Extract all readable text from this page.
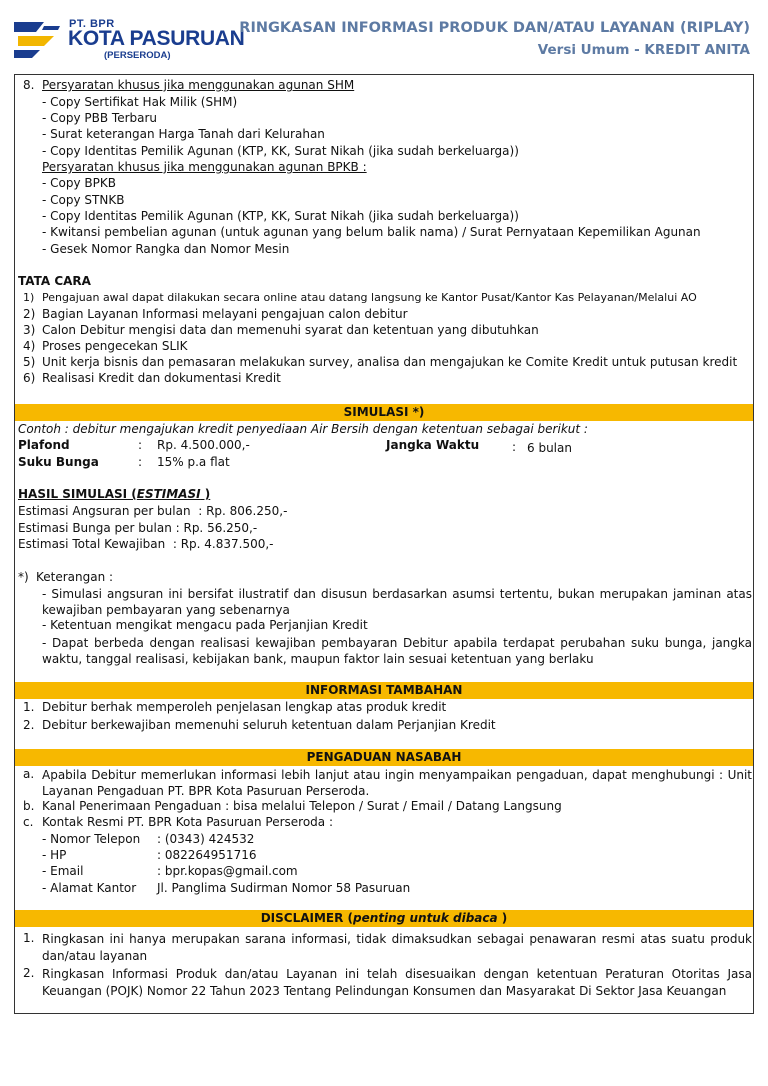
PT. BPR
KOTA PASURUAN
(PERSERODA)
RINGKASAN INFORMASI PRODUK DAN/ATAU LAYANAN (RIPLAY)
Versi Umum - KREDIT ANITA
8. Persyaratan khusus jika menggunakan agunan SHM
- Copy Sertifikat Hak Milik (SHM)
- Copy PBB Terbaru
- Surat keterangan Harga Tanah dari Kelurahan
- Copy Identitas Pemilik Agunan (KTP, KK, Surat Nikah (jika sudah berkeluarga))
Persyaratan khusus jika menggunakan agunan BPKB :
- Copy BPKB
- Copy STNKB
- Copy Identitas Pemilik Agunan (KTP, KK, Surat Nikah (jika sudah berkeluarga))
- Kwitansi pembelian agunan (untuk agunan yang belum balik nama) / Surat Pernyataan Kepemilikan Agunan
- Gesek Nomor Rangka dan Nomor Mesin
TATA CARA
1) Pengajuan awal dapat dilakukan secara online atau datang langsung ke Kantor Pusat/Kantor Kas Pelayanan/Melalui AO
2) Bagian Layanan Informasi melayani pengajuan calon debitur
3) Calon Debitur mengisi data dan memenuhi syarat dan ketentuan yang dibutuhkan
4) Proses pengecekan SLIK
5) Unit kerja bisnis dan pemasaran melakukan survey, analisa dan mengajukan ke Comite Kredit untuk putusan kredit
6) Realisasi Kredit dan dokumentasi Kredit
SIMULASI *)
Contoh : debitur mengajukan kredit penyediaan Air Bersih dengan ketentuan sebagai berikut :
Plafond	: Rp. 4.500.000,-	Jangka Waktu	: 6 bulan
Suku Bunga	: 15% p.a flat
HASIL SIMULASI (ESTIMASI )
Estimasi Angsuran per bulan  : Rp. 806.250,-
Estimasi Bunga per bulan : Rp. 56.250,-
Estimasi Total Kewajiban  : Rp. 4.837.500,-
*) Keterangan :
- Simulasi angsuran ini bersifat ilustratif dan disusun berdasarkan asumsi tertentu, bukan merupakan jaminan atas kewajiban pembayaran yang sebenarnya
- Ketentuan mengikat mengacu pada Perjanjian Kredit
- Dapat berbeda dengan realisasi kewajiban pembayaran Debitur apabila terdapat perubahan suku bunga, jangka waktu, tanggal realisasi, kebijakan bank, maupun faktor lain sesuai ketentuan yang berlaku
INFORMASI TAMBAHAN
1. Debitur berhak memperoleh penjelasan lengkap atas produk kredit
2. Debitur berkewajiban memenuhi seluruh ketentuan dalam Perjanjian Kredit
PENGADUAN NASABAH
a. Apabila Debitur memerlukan informasi lebih lanjut atau ingin menyampaikan pengaduan, dapat menghubungi : Unit Layanan Pengaduan PT. BPR Kota Pasuruan Perseroda.
b. Kanal Penerimaan Pengaduan : bisa melalui Telepon / Surat / Email / Datang Langsung
c. Kontak Resmi PT. BPR Kota Pasuruan Perseroda :
- Nomor Telepon : (0343) 424532
- HP	: 082264951716
- Email	: bpr.kopas@gmail.com
- Alamat Kantor Jl. Panglima Sudirman Nomor 58 Pasuruan
DISCLAIMER (penting untuk dibaca )
1. Ringkasan ini hanya merupakan sarana informasi, tidak dimaksudkan sebagai penawaran resmi atas suatu produk dan/atau layanan
2. Ringkasan Informasi Produk dan/atau Layanan ini telah disesuaikan dengan ketentuan Peraturan Otoritas Jasa Keuangan (POJK) Nomor 22 Tahun 2023 Tentang Pelindungan Konsumen dan Masyarakat Di Sektor Jasa Keuangan
